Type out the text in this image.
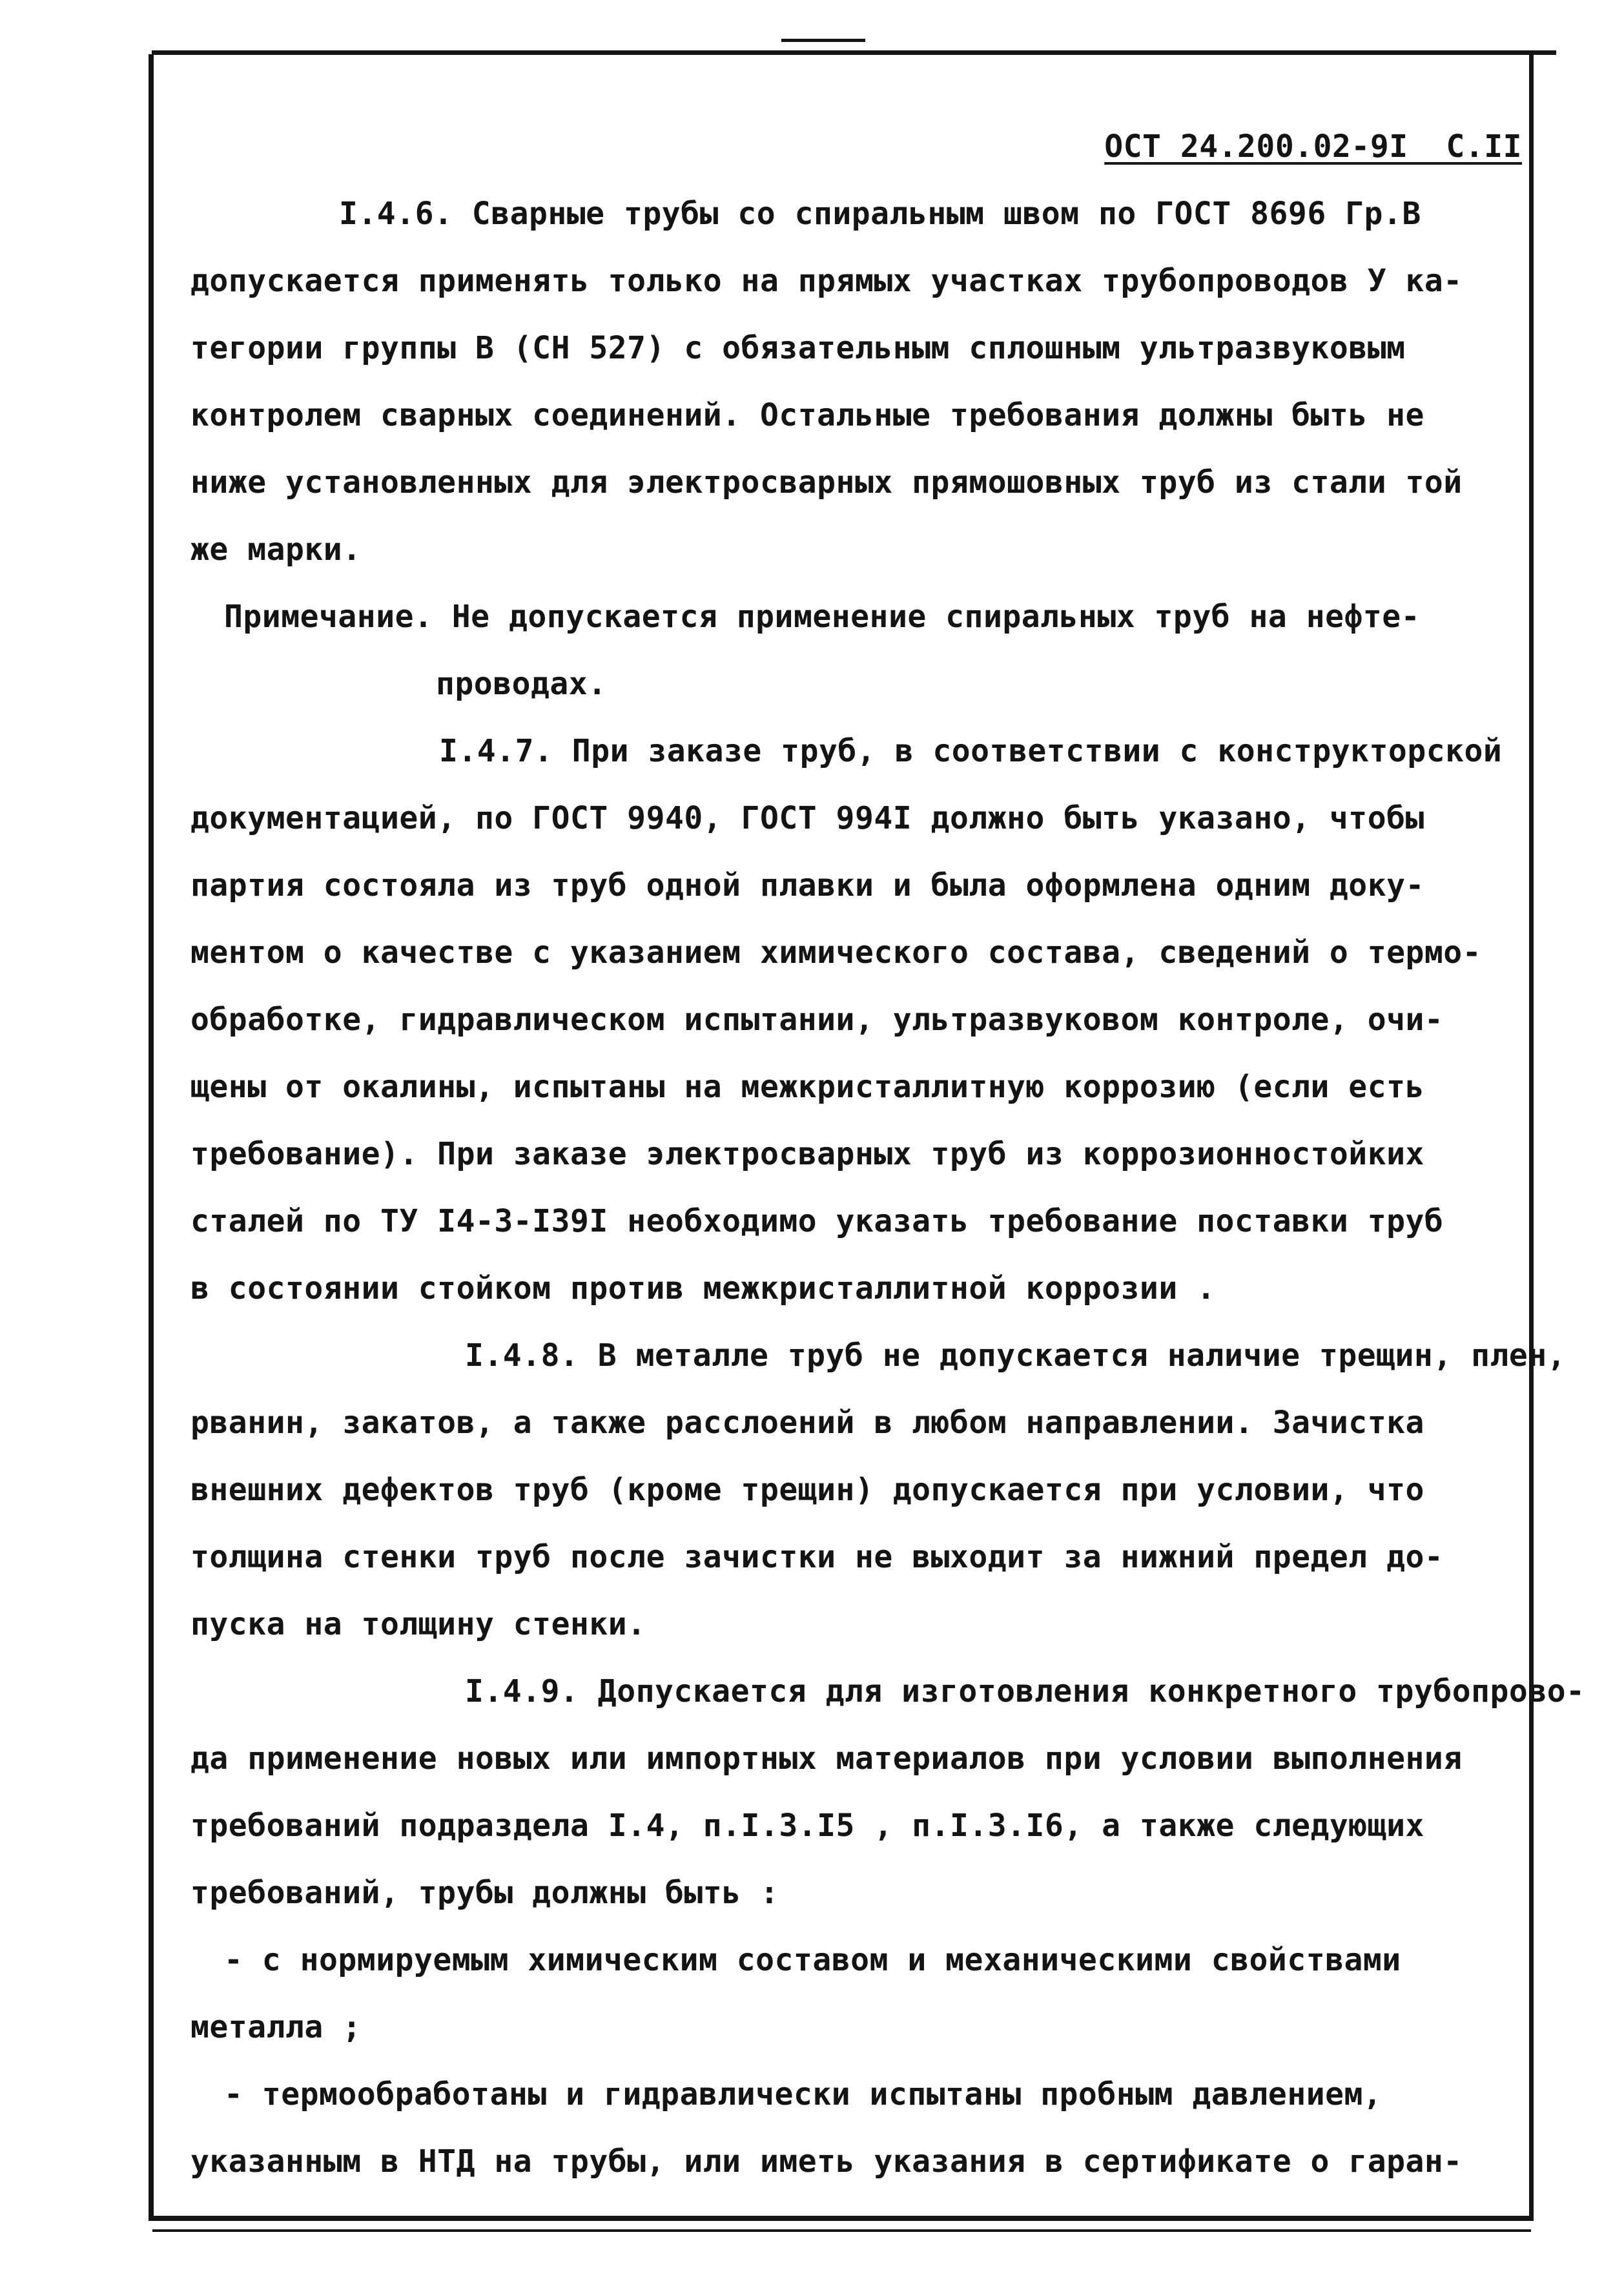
ОСТ 24.200.02-9I  С.II
I.4.6. Сварные трубы со спиральным швом по ГОСТ 8696 Гр.В
допускается применять только на прямых участках трубопроводов У ка-
тегории группы В (СН 527) с обязательным сплошным ультразвуковым
контролем сварных соединений. Остальные требования должны быть не
ниже установленных для электросварных прямошовных труб из стали той
же марки.
Примечание. Не допускается применение спиральных труб на нефте-
проводах.
I.4.7. При заказе труб, в соответствии с конструкторской
документацией, по ГОСТ 9940, ГОСТ 994I должно быть указано, чтобы
партия состояла из труб одной плавки и была оформлена одним доку-
ментом о качестве с указанием химического состава, сведений о термо-
обработке, гидравлическом испытании, ультразвуковом контроле, очи-
щены от окалины, испытаны на межкристаллитную коррозию (если есть
требование). При заказе электросварных труб из коррозионностойких
сталей по ТУ I4-3-I39I необходимо указать требование поставки труб
в состоянии стойком против межкристаллитной коррозии .
I.4.8. В металле труб не допускается наличие трещин, плен,
рванин, закатов, а также расслоений в любом направлении. Зачистка
внешних дефектов труб (кроме трещин) допускается при условии, что
толщина стенки труб после зачистки не выходит за нижний предел до-
пуска на толщину стенки.
I.4.9. Допускается для изготовления конкретного трубопрово-
да применение новых или импортных материалов при условии выполнения
требований подраздела I.4, п.I.3.I5 , п.I.3.I6, а также следующих
требований, трубы должны быть :
- с нормируемым химическим составом и механическими свойствами
металла ;
- термообработаны и гидравлически испытаны пробным давлением,
указанным в НТД на трубы, или иметь указания в сертификате о гаран-
